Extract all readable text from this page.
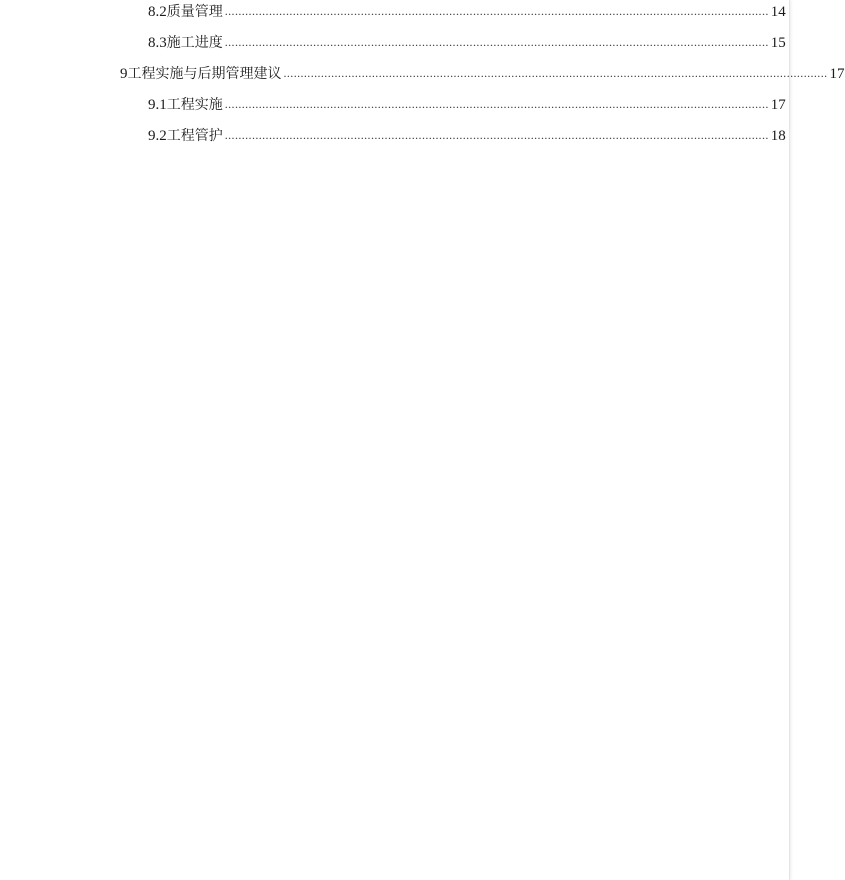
8.2 质量管理 ................................................................................................................................................................ 14
8.3 施工进度 ................................................................................................................................................................ 15
9 工程实施与后期管理建议 ................................................................................................................................................................ 17
9.1 工程实施 ................................................................................................................................................................ 17
9.2 工程管护 ................................................................................................................................................................ 18
